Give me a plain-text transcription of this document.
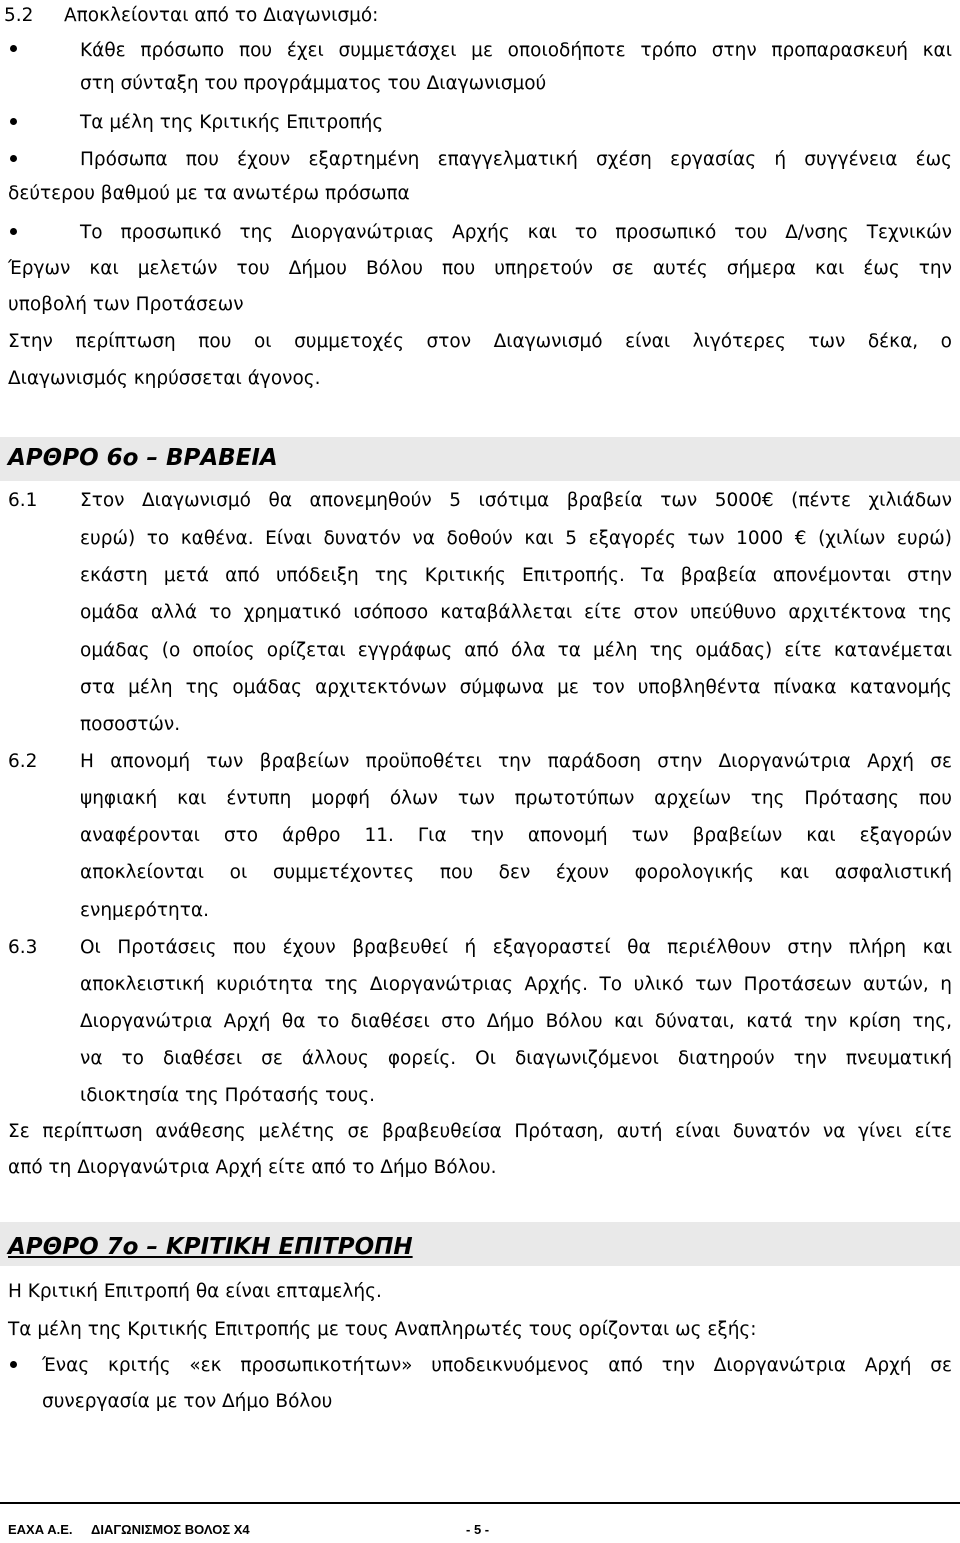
5.2 Αποκλείονται από το Διαγωνισμό:
Κάθε πρόσωπο που έχει συμμετάσχει με οποιοδήποτε τρόπο στην προπαρασκευή και
στη σύνταξη του προγράμματος του Διαγωνισμού
Τα μέλη της Κριτικής Επιτροπής
Πρόσωπα που έχουν εξαρτημένη επαγγελματική σχέση εργασίας ή συγγένεια έως
δεύτερου βαθμού με τα ανωτέρω πρόσωπα
Το προσωπικό της Διοργανώτριας Αρχής και το προσωπικό του Δ/νσης Τεχνικών
Έργων και μελετών του Δήμου Βόλου που υπηρετούν σε αυτές σήμερα και έως την
υποβολή των Προτάσεων
Στην περίπτωση που οι συμμετοχές στον Διαγωνισμό είναι λιγότερες των δέκα, ο
Διαγωνισμός κηρύσσεται άγονος.
ΑΡΘΡΟ 6ο – ΒΡΑΒΕΙΑ
6.1 Στον Διαγωνισμό θα απονεμηθούν 5 ισότιμα βραβεία των 5000€ (πέντε χιλιάδων
ευρώ) το καθένα. Είναι δυνατόν να δοθούν και 5 εξαγορές των 1000 € (χιλίων ευρώ)
εκάστη μετά από υπόδειξη της Κριτικής Επιτροπής. Τα βραβεία απονέμονται στην
ομάδα αλλά το χρηματικό ισόποσο καταβάλλεται είτε στον υπεύθυνο αρχιτέκτονα της
ομάδας (ο οποίος ορίζεται εγγράφως από όλα τα μέλη της ομάδας) είτε κατανέμεται
στα μέλη της ομάδας αρχιτεκτόνων σύμφωνα με τον υποβληθέντα πίνακα κατανομής
ποσοστών.
6.2 Η απονομή των βραβείων προϋποθέτει την παράδοση στην Διοργανώτρια Αρχή σε
ψηφιακή και έντυπη μορφή όλων των πρωτοτύπων αρχείων της Πρότασης που
αναφέρονται στο άρθρο 11. Για την απονομή των βραβείων και εξαγορών
αποκλείονται οι συμμετέχοντες που δεν έχουν φορολογικής και ασφαλιστική
ενημερότητα.
6.3 Οι Προτάσεις που έχουν βραβευθεί ή εξαγοραστεί θα περιέλθουν στην πλήρη και
αποκλειστική κυριότητα της Διοργανώτριας Αρχής. Το υλικό των Προτάσεων αυτών, η
Διοργανώτρια Αρχή θα το διαθέσει στο Δήμο Βόλου και δύναται, κατά την κρίση της,
να το διαθέσει σε άλλους φορείς. Οι διαγωνιζόμενοι διατηρούν την πνευματική
ιδιοκτησία της Πρότασής τους.
Σε περίπτωση ανάθεσης μελέτης σε βραβευθείσα Πρόταση, αυτή είναι δυνατόν να γίνει είτε
από τη Διοργανώτρια Αρχή είτε από το Δήμο Βόλου.
ΑΡΘΡΟ 7ο – ΚΡΙΤΙΚΗ ΕΠΙΤΡΟΠΗ
Η Κριτική Επιτροπή θα είναι επταμελής.
Τα μέλη της Κριτικής Επιτροπής με τους Αναπληρωτές τους ορίζονται ως εξής:
Ένας κριτής «εκ προσωπικοτήτων» υποδεικνυόμενος από την Διοργανώτρια Αρχή σε
συνεργασία με τον Δήμο Βόλου
ΕΑΧΑ Α.Ε. ΔΙΑΓΩΝΙΣΜΟΣ ΒΟΛΟΣ Χ4	- 5 -
